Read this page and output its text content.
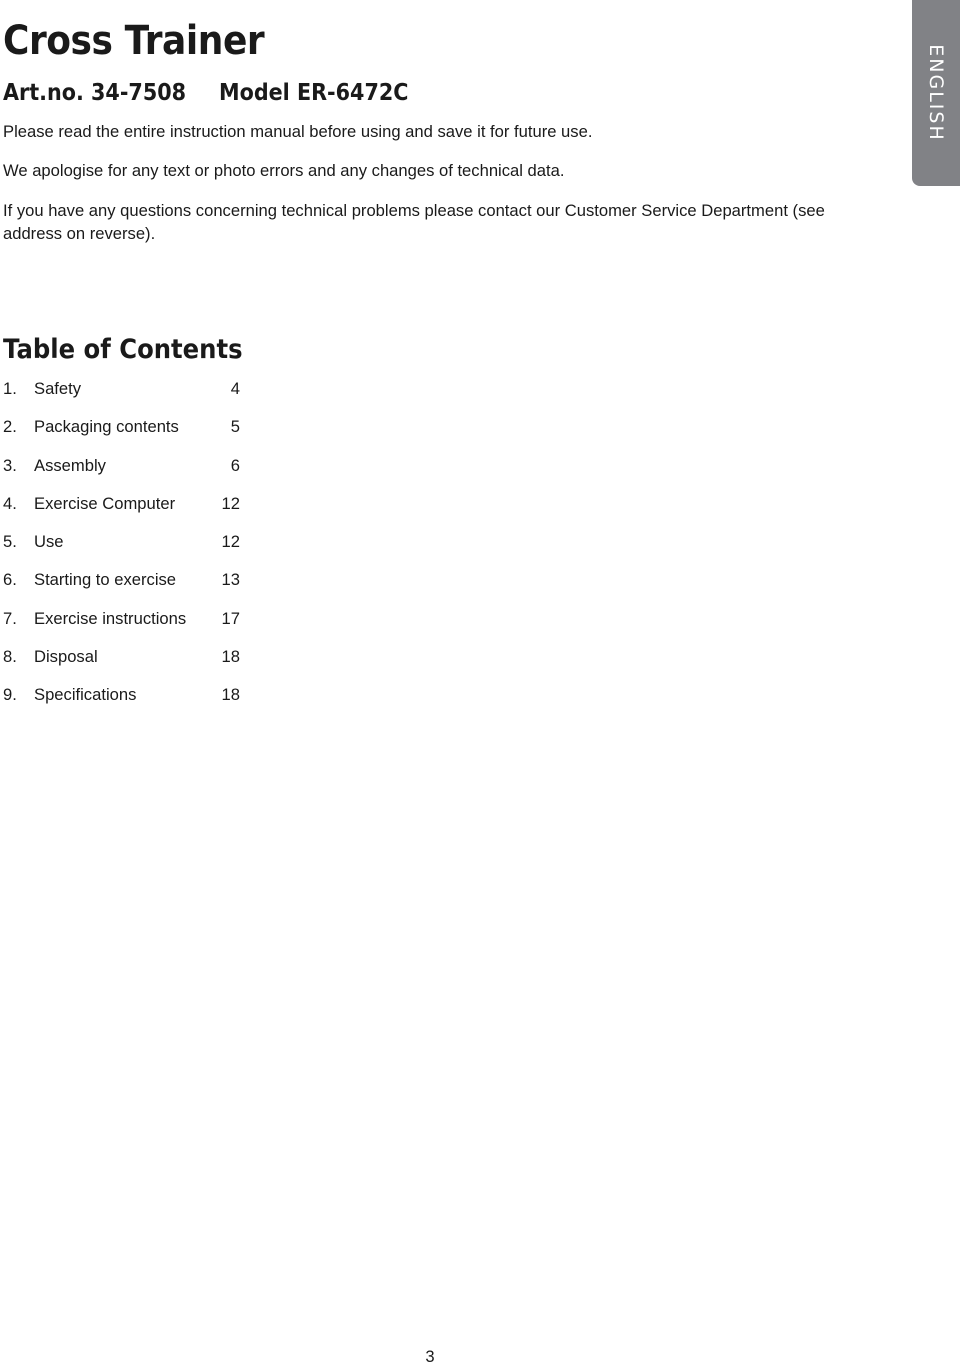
Cross Trainer
Art.no. 34-7508 Model ER-6472C	ENGLISH

Please read the entire instruction manual before using and save it for future use.

We apologise for any text or photo errors and any changes of technical data.

If you have any questions concerning technical problems please contact our Customer Service Department (see address on reverse).

Table of Contents
1. Safety	4
2. Packaging contents	5
3. Assembly	6
4. Exercise Computer	12
5. Use	12
6. Starting to exercise	13
7. Exercise instructions 17
8. Disposal	18
9. Specifications	18
3
